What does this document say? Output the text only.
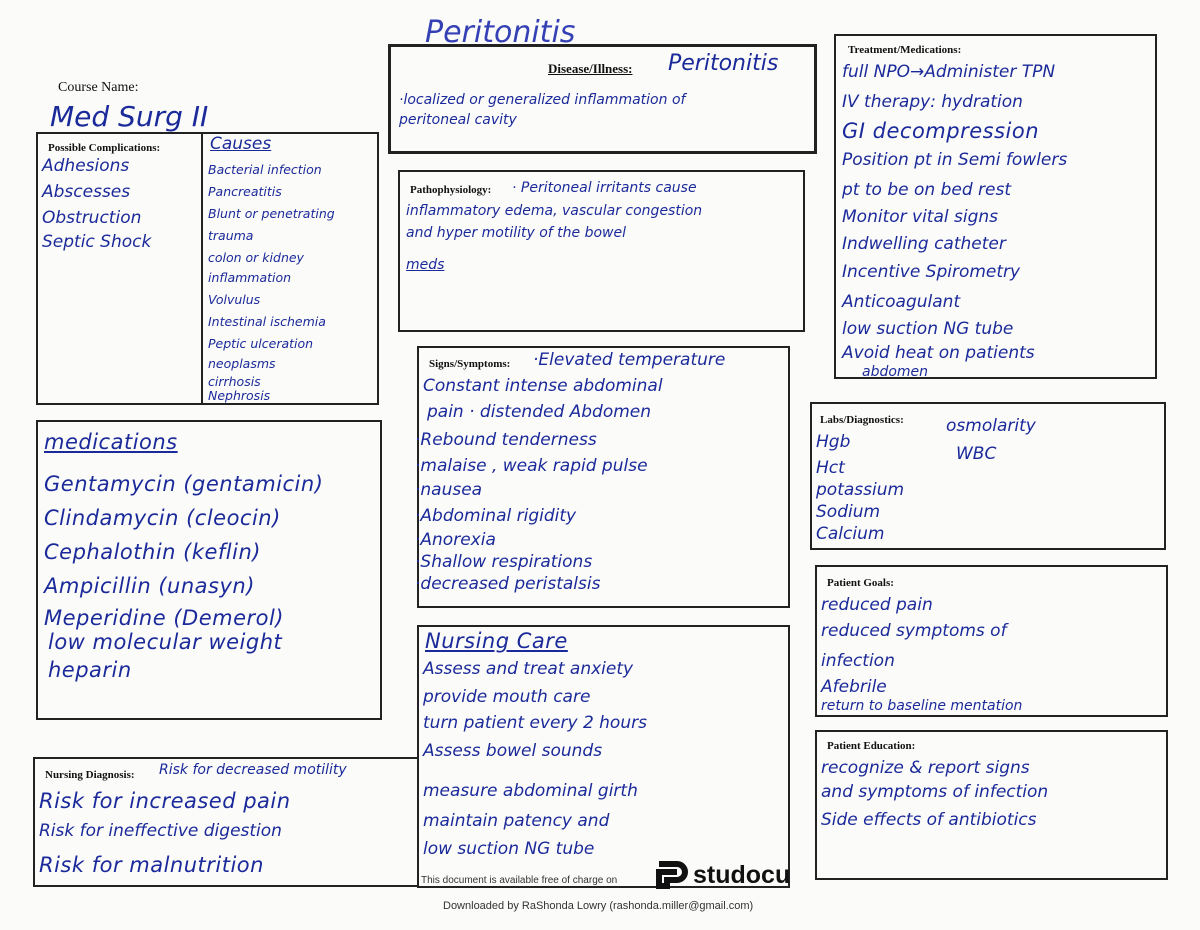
Peritonitis
Course Name:
Med Surg II
Disease/Illness: Peritonitis
·localized or generalized inflammation of
peritoneal cavity
Possible Complications:
Adhesions
Abscesses
Obstruction
Septic Shock
Causes
Bacterial infection
Pancreatitis
Blunt or penetrating
trauma
colon or kidney
inflammation
Volvulus
Intestinal ischemia
Peptic ulceration
neoplasms
cirrhosis
Nephrosis
Pathophysiology: · Peritoneal irritants cause
inflammatory edema, vascular congestion
and hyper motility of the bowel
meds
Treatment/Medications:
full NPO→Administer TPN
IV therapy: hydration
GI decompression
Position pt in Semi fowlers
pt to be on bed rest
Monitor vital signs
Indwelling catheter
Incentive Spirometry
Anticoagulant
low suction NG tube
Avoid heat on patients
abdomen
medications
Gentamycin (gentamicin)
Clindamycin (cleocin)
Cephalothin (keflin)
Ampicillin (unasyn)
Meperidine (Demerol)
low molecular weight
heparin
Signs/Symptoms: ·Elevated temperature
Constant intense abdominal
pain · distended Abdomen
·Rebound tenderness
·malaise , weak rapid pulse
·nausea
·Abdominal rigidity
·Anorexia
·Shallow respirations
·decreased peristalsis
Labs/Diagnostics:
Hgb
Hct
potassium
Sodium
Calcium
osmolarity
WBC
Patient Goals:
reduced pain
reduced symptoms of
infection
Afebrile
return to baseline mentation
Nursing Care
Assess and treat anxiety
provide mouth care
turn patient every 2 hours
Assess bowel sounds
measure abdominal girth
maintain patency and
low suction NG tube
Nursing Diagnosis: Risk for decreased motility
Risk for increased pain
Risk for ineffective digestion
Risk for malnutrition
Patient Education:
recognize & report signs
and symptoms of infection
Side effects of antibiotics
This document is available free of charge on	studocu
Downloaded by RaShonda Lowry (rashonda.miller@gmail.com)
